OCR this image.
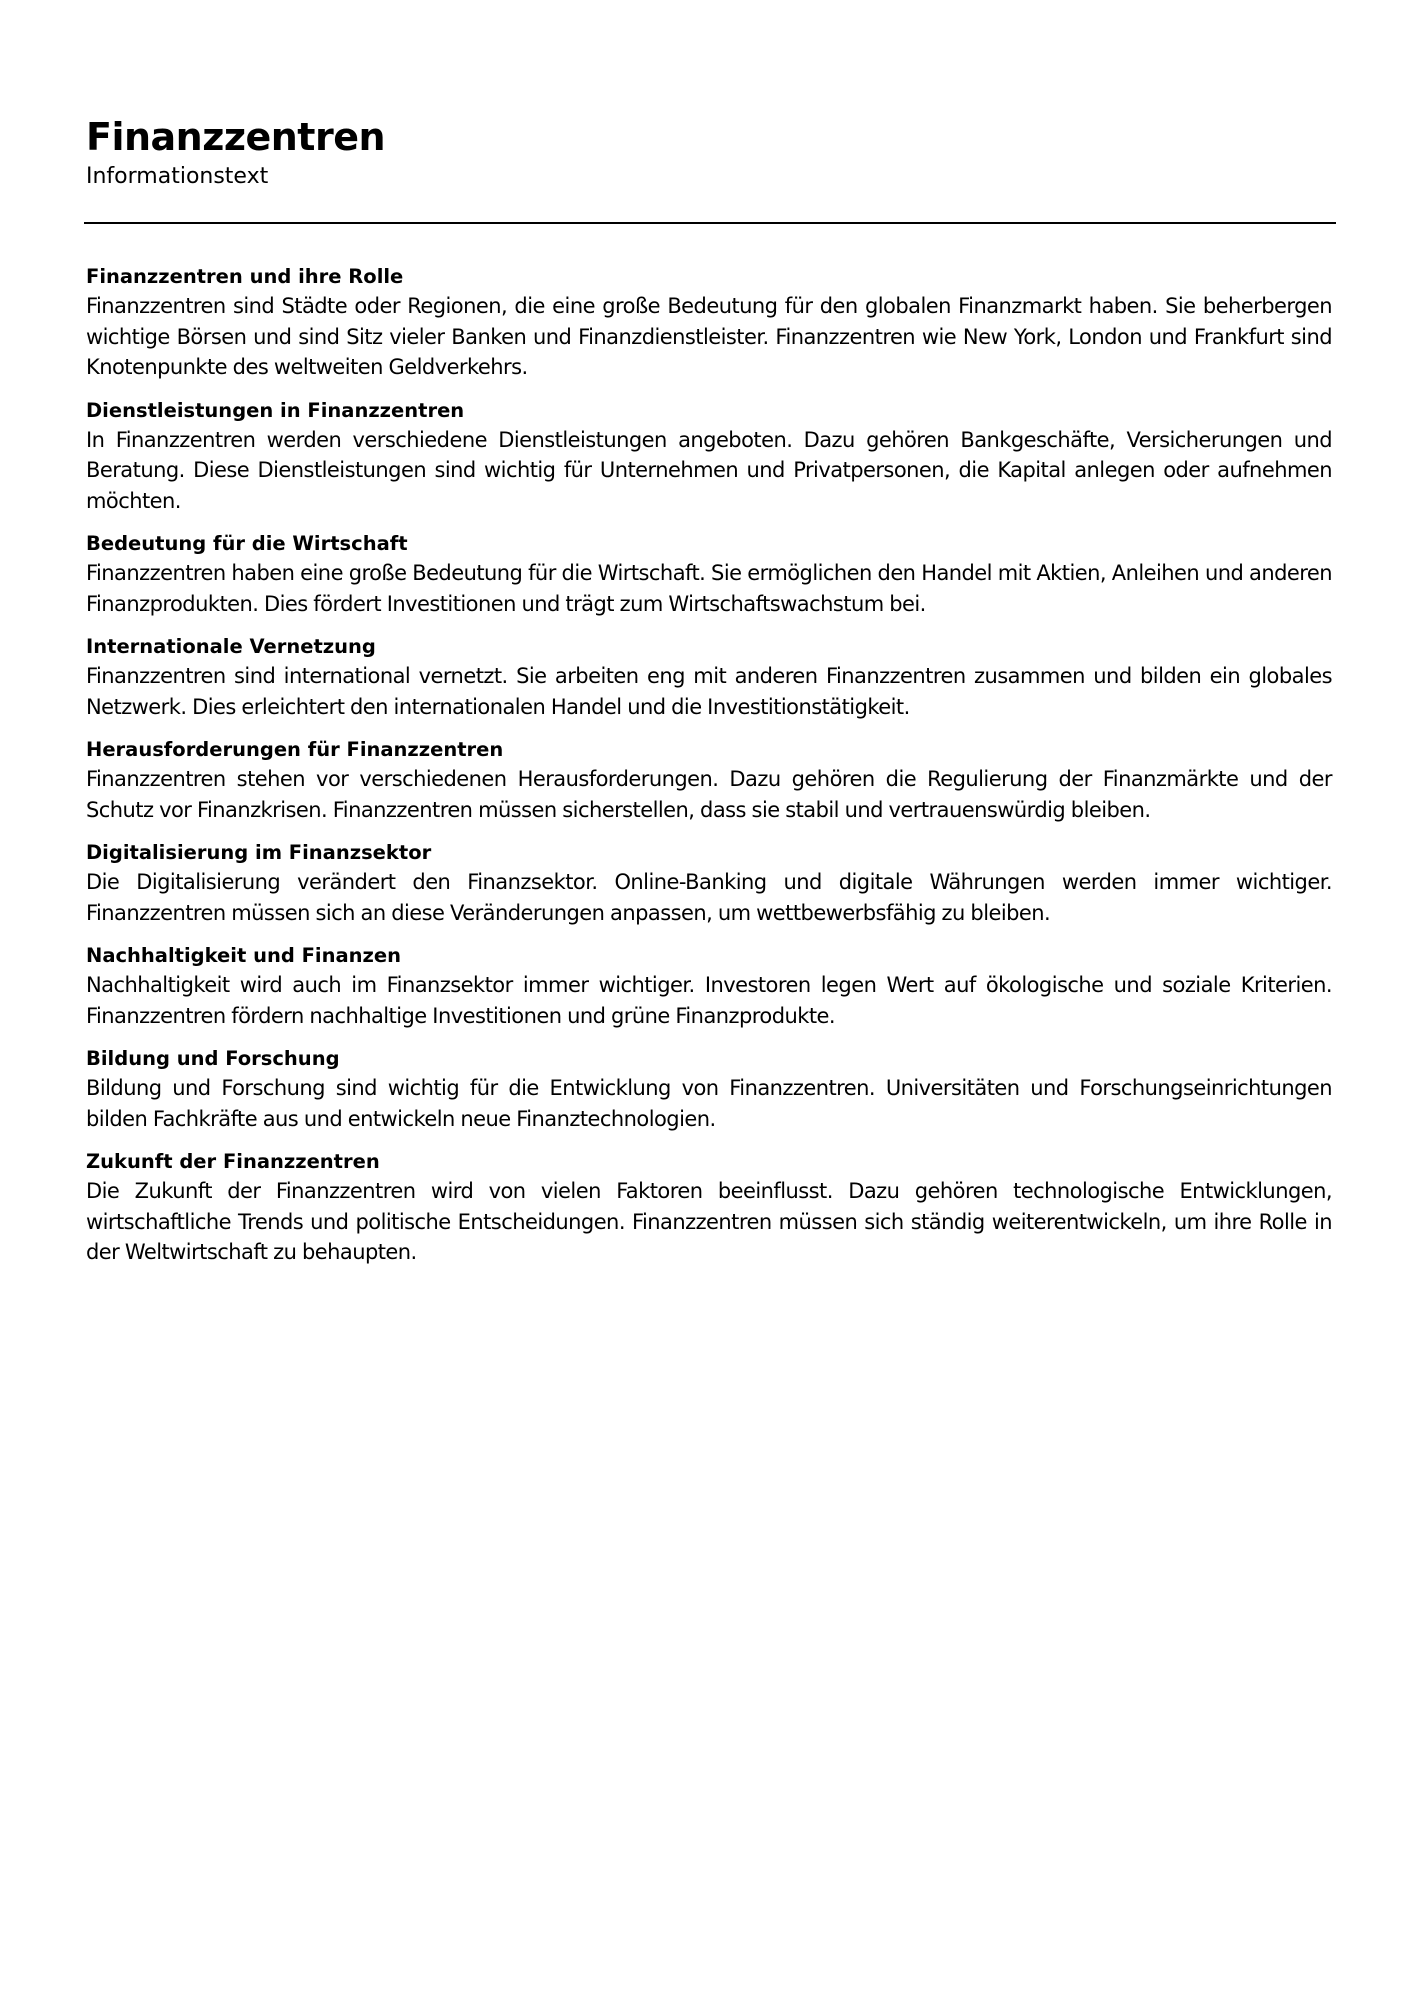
Finanzzentren

Informationstext

Finanzzentren und ihre Rolle

Finanzzentren sind Städte oder Regionen, die eine große Bedeutung für den globalen Finanzmarkt haben. Sie beherbergen wichtige Börsen und sind Sitz vieler Banken und Finanzdienstleister. Finanzzentren wie New York, London und Frankfurt sind Knotenpunkte des weltweiten Geldverkehrs.

Dienstleistungen in Finanzzentren

In Finanzzentren werden verschiedene Dienstleistungen angeboten. Dazu gehören Bankgeschäfte, Versicherungen und Beratung. Diese Dienstleistungen sind wichtig für Unternehmen und Privatpersonen, die Kapital anlegen oder aufnehmen möchten.

Bedeutung für die Wirtschaft

Finanzzentren haben eine große Bedeutung für die Wirtschaft. Sie ermöglichen den Handel mit Aktien, Anleihen und anderen Finanzprodukten. Dies fördert Investitionen und trägt zum Wirtschaftswachstum bei.

Internationale Vernetzung

Finanzzentren sind international vernetzt. Sie arbeiten eng mit anderen Finanzzentren zusammen und bilden ein globales Netzwerk. Dies erleichtert den internationalen Handel und die Investitionstätigkeit.

Herausforderungen für Finanzzentren

Finanzzentren stehen vor verschiedenen Herausforderungen. Dazu gehören die Regulierung der Finanzmärkte und der Schutz vor Finanzkrisen. Finanzzentren müssen sicherstellen, dass sie stabil und vertrauenswürdig bleiben.

Digitalisierung im Finanzsektor

Die Digitalisierung verändert den Finanzsektor. Online-Banking und digitale Währungen werden immer wichtiger. Finanzzentren müssen sich an diese Veränderungen anpassen, um wettbewerbsfähig zu bleiben.

Nachhaltigkeit und Finanzen

Nachhaltigkeit wird auch im Finanzsektor immer wichtiger. Investoren legen Wert auf ökologische und soziale Kriterien. Finanzzentren fördern nachhaltige Investitionen und grüne Finanzprodukte.

Bildung und Forschung

Bildung und Forschung sind wichtig für die Entwicklung von Finanzzentren. Universitäten und Forschungseinrichtungen bilden Fachkräfte aus und entwickeln neue Finanztechnologien.

Zukunft der Finanzzentren

Die Zukunft der Finanzzentren wird von vielen Faktoren beeinflusst. Dazu gehören technologische Entwicklungen, wirtschaftliche Trends und politische Entscheidungen. Finanzzentren müssen sich ständig weiterentwickeln, um ihre Rolle in der Weltwirtschaft zu behaupten.
